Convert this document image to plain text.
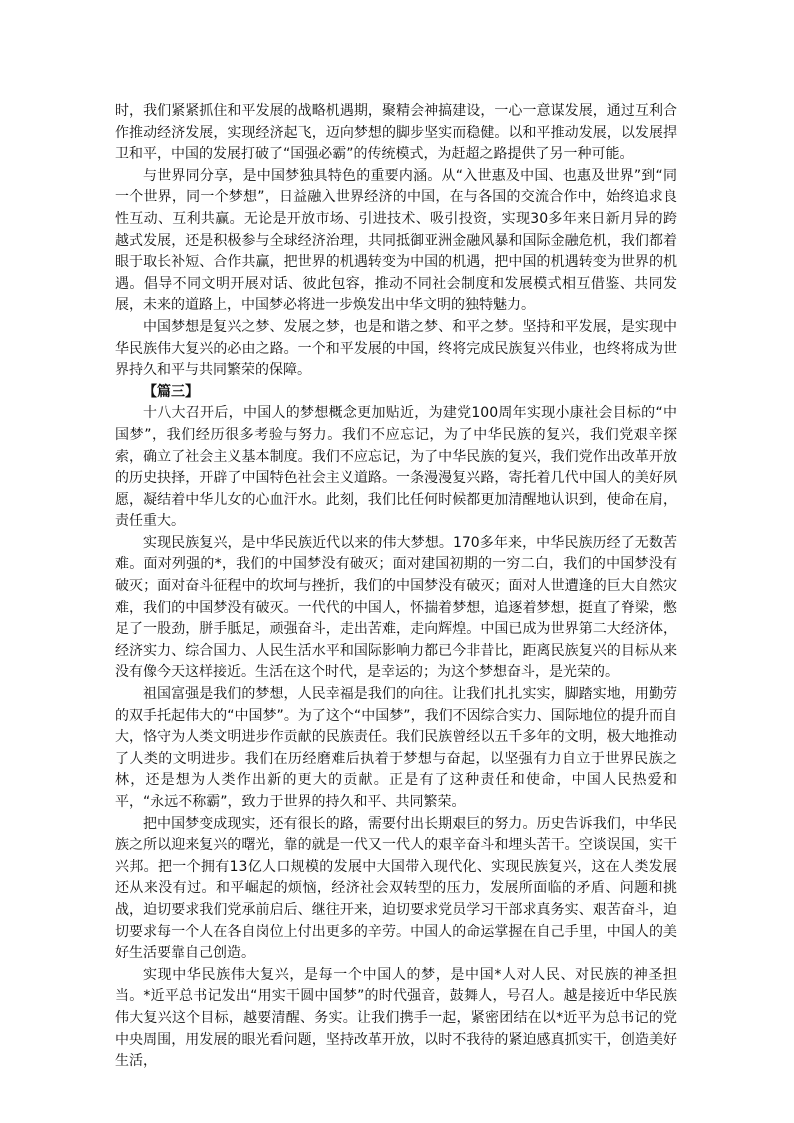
时，我们紧紧抓住和平发展的战略机遇期，聚精会神搞建设，一心一意谋发展，通过互利合作推动经济发展，实现经济起飞，迈向梦想的脚步坚实而稳健。以和平推动发展，以发展捍卫和平，中国的发展打破了“国强必霸”的传统模式，为赶超之路提供了另一种可能。

与世界同分享，是中国梦独具特色的重要内涵。从“入世惠及中国、也惠及世界”到“同一个世界，同一个梦想”，日益融入世界经济的中国，在与各国的交流合作中，始终追求良性互动、互利共赢。无论是开放市场、引进技术、吸引投资，实现30多年来日新月异的跨越式发展，还是积极参与全球经济治理，共同抵御亚洲金融风暴和国际金融危机，我们都着眼于取长补短、合作共赢，把世界的机遇转变为中国的机遇，把中国的机遇转变为世界的机遇。倡导不同文明开展对话、彼此包容，推动不同社会制度和发展模式相互借鉴、共同发展，未来的道路上，中国梦必将进一步焕发出中华文明的独特魅力。

中国梦想是复兴之梦、发展之梦，也是和谐之梦、和平之梦。坚持和平发展，是实现中华民族伟大复兴的必由之路。一个和平发展的中国，终将完成民族复兴伟业，也终将成为世界持久和平与共同繁荣的保障。

【篇三】

十八大召开后，中国人的梦想概念更加贴近，为建党100周年实现小康社会目标的“中国梦”，我们经历很多考验与努力。我们不应忘记，为了中华民族的复兴，我们党艰辛探索，确立了社会主义基本制度。我们不应忘记，为了中华民族的复兴，我们党作出改革开放的历史抉择，开辟了中国特色社会主义道路。一条漫漫复兴路，寄托着几代中国人的美好夙愿，凝结着中华儿女的心血汗水。此刻，我们比任何时候都更加清醒地认识到，使命在肩，责任重大。

实现民族复兴，是中华民族近代以来的伟大梦想。170多年来，中华民族历经了无数苦难。面对列强的*，我们的中国梦没有破灭；面对建国初期的一穷二白，我们的中国梦没有破灭；面对奋斗征程中的坎坷与挫折，我们的中国梦没有破灭；面对人世遭逢的巨大自然灾难，我们的中国梦没有破灭。一代代的中国人，怀揣着梦想，追逐着梦想，挺直了脊梁，憋足了一股劲，胼手胝足，顽强奋斗，走出苦难，走向辉煌。中国已成为世界第二大经济体，经济实力、综合国力、人民生活水平和国际影响力都已今非昔比，距离民族复兴的目标从来没有像今天这样接近。生活在这个时代，是幸运的；为这个梦想奋斗，是光荣的。

祖国富强是我们的梦想，人民幸福是我们的向往。让我们扎扎实实，脚踏实地，用勤劳的双手托起伟大的“中国梦”。为了这个“中国梦”，我们不因综合实力、国际地位的提升而自大，恪守为人类文明进步作贡献的民族责任。我们民族曾经以五千多年的文明，极大地推动了人类的文明进步。我们在历经磨难后执着于梦想与奋起，以坚强有力自立于世界民族之林，还是想为人类作出新的更大的贡献。正是有了这种责任和使命，中国人民热爱和平，“永远不称霸”，致力于世界的持久和平、共同繁荣。

把中国梦变成现实，还有很长的路，需要付出长期艰巨的努力。历史告诉我们，中华民族之所以迎来复兴的曙光，靠的就是一代又一代人的艰辛奋斗和埋头苦干。空谈误国，实干兴邦。把一个拥有13亿人口规模的发展中大国带入现代化、实现民族复兴，这在人类发展还从来没有过。和平崛起的烦恼，经济社会双转型的压力，发展所面临的矛盾、问题和挑战，迫切要求我们党承前启后、继往开来，迫切要求党员学习干部求真务实、艰苦奋斗，迫切要求每一个人在各自岗位上付出更多的辛劳。中国人的命运掌握在自己手里，中国人的美好生活要靠自己创造。

实现中华民族伟大复兴，是每一个中国人的梦，是中国*人对人民、对民族的神圣担当。*近平总书记发出“用实干圆中国梦”的时代强音，鼓舞人，号召人。越是接近中华民族伟大复兴这个目标，越要清醒、务实。让我们携手一起，紧密团结在以*近平为总书记的党中央周围，用发展的眼光看问题，坚持改革开放，以时不我待的紧迫感真抓实干，创造美好生活，
